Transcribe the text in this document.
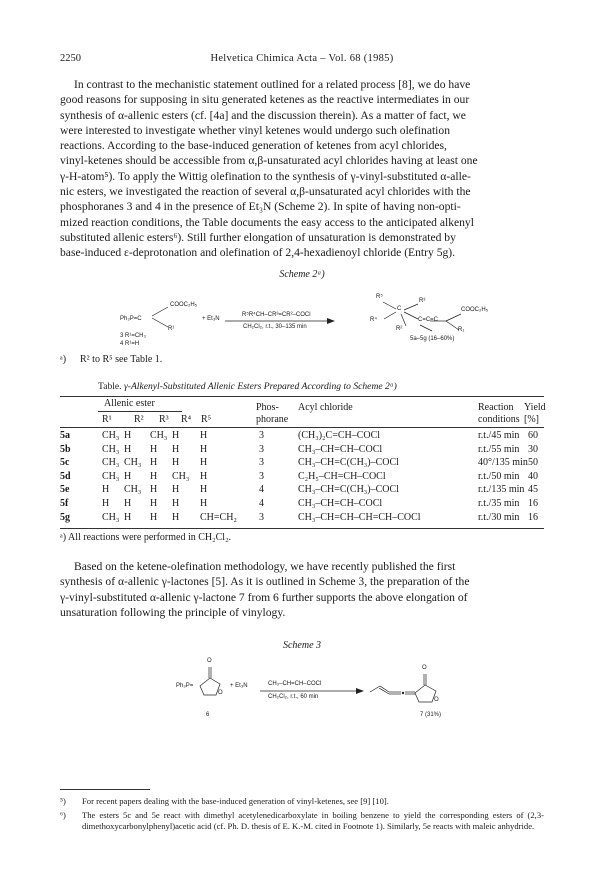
2250	Helvetica Chimica Acta – Vol. 68 (1985)
In contrast to the mechanistic statement outlined for a related process [8], we do have
good reasons for supposing in situ generated ketenes as the reactive intermediates in our
synthesis of α-allenic esters (cf. [4a] and the discussion therein). As a matter of fact, we
were interested to investigate whether vinyl ketenes would undergo such olefination
reactions. According to the base-induced generation of ketenes from acyl chlorides,
vinyl-ketenes should be accessible from α,β-unsaturated acyl chlorides having at least one
γ-H-atom⁵). To apply the Wittig olefination to the synthesis of γ-vinyl-substituted α-alle-
nic esters, we investigated the reaction of several α,β-unsaturated acyl chlorides with the
phosphoranes 3 and 4 in the presence of Et₃N (Scheme 2). In spite of having non-opti-
mized reaction conditions, the Table documents the easy access to the anticipated alkenyl
substituted allenic esters⁶). Still further elongation of unsaturation is demonstrated by
base-induced ε-deprotonation and olefination of 2,4-hexadienoyl chloride (Entry 5g).
Scheme 2ᵃ)
Ph₃P=C
COOC₂H₅
R¹
+ Et₃N
R⁵R⁴CH–CR³=CR²–COCl
CH₂Cl₂, r.t., 30–135 min
3 R¹=CH₃
4 R¹=H
R⁵
R³
R⁴
C
R²
C=C=C
COOC₂H₅
R₁
5a–5g (16–60%)
ᵃ) R² to R⁵ see Table 1.
Table. γ-Alkenyl-Substituted Allenic Esters Prepared According to Scheme 2ᵃ)
Allenic ester
R¹ R² R³ R⁴ R⁵
Phos-
phorane
Acyl chloride	Reaction
conditions
Yield
[%]
5a	CH₃ H CH₃ H H	3	(CH₃)₂C=CH–COCl	r.t./45 min 60
5b	CH₃ H H H H	3	CH₃–CH=CH–COCl	r.t./55 min 30
5c	CH₃ CH₃ H H H	3	CH₃–CH=C(CH₃)–COCl	40°/135 min 50
5d	CH₃ H H CH₃ H	3	C₂H₅–CH=CH–COCl	r.t./50 min 40
5e	H CH₃ H H H	4	CH₃–CH=C(CH₃)–COCl	r.t./135 min 45
5f	H H H H H	4	CH₃–CH=CH–COCl	r.t./35 min 16
5g	CH₃ H H H CH=CH₂ 3	CH₃–CH=CH–CH=CH–COCl	r.t./30 min 16
ᵃ) All reactions were performed in CH₂Cl₂.
Based on the ketene-olefination methodology, we have recently published the first
synthesis of α-allenic γ-lactones [5]. As it is outlined in Scheme 3, the preparation of the
γ-vinyl-substituted α-allenic γ-lactone 7 from 6 further supports the above elongation of
unsaturation following the principle of vinylogy.
Scheme 3
O
O
O
O
Ph₃P=	+ Et₃N	CH₃–CH=CH–COCl
CH₂Cl₂, r.t., 60 min
6	7 (31%)
⁵) For recent papers dealing with the base-induced generation of vinyl-ketenes, see [9] [10].
⁶) The esters 5c and 5e react with dimethyl acetylenedicarboxylate in boiling benzene to yield the corresponding esters of (2,3-dimethoxycarbonylphenyl)acetic acid (cf. Ph. D. thesis of E. K.-M. cited in Footnote 1). Similarly, 5e reacts with maleic anhydride.
